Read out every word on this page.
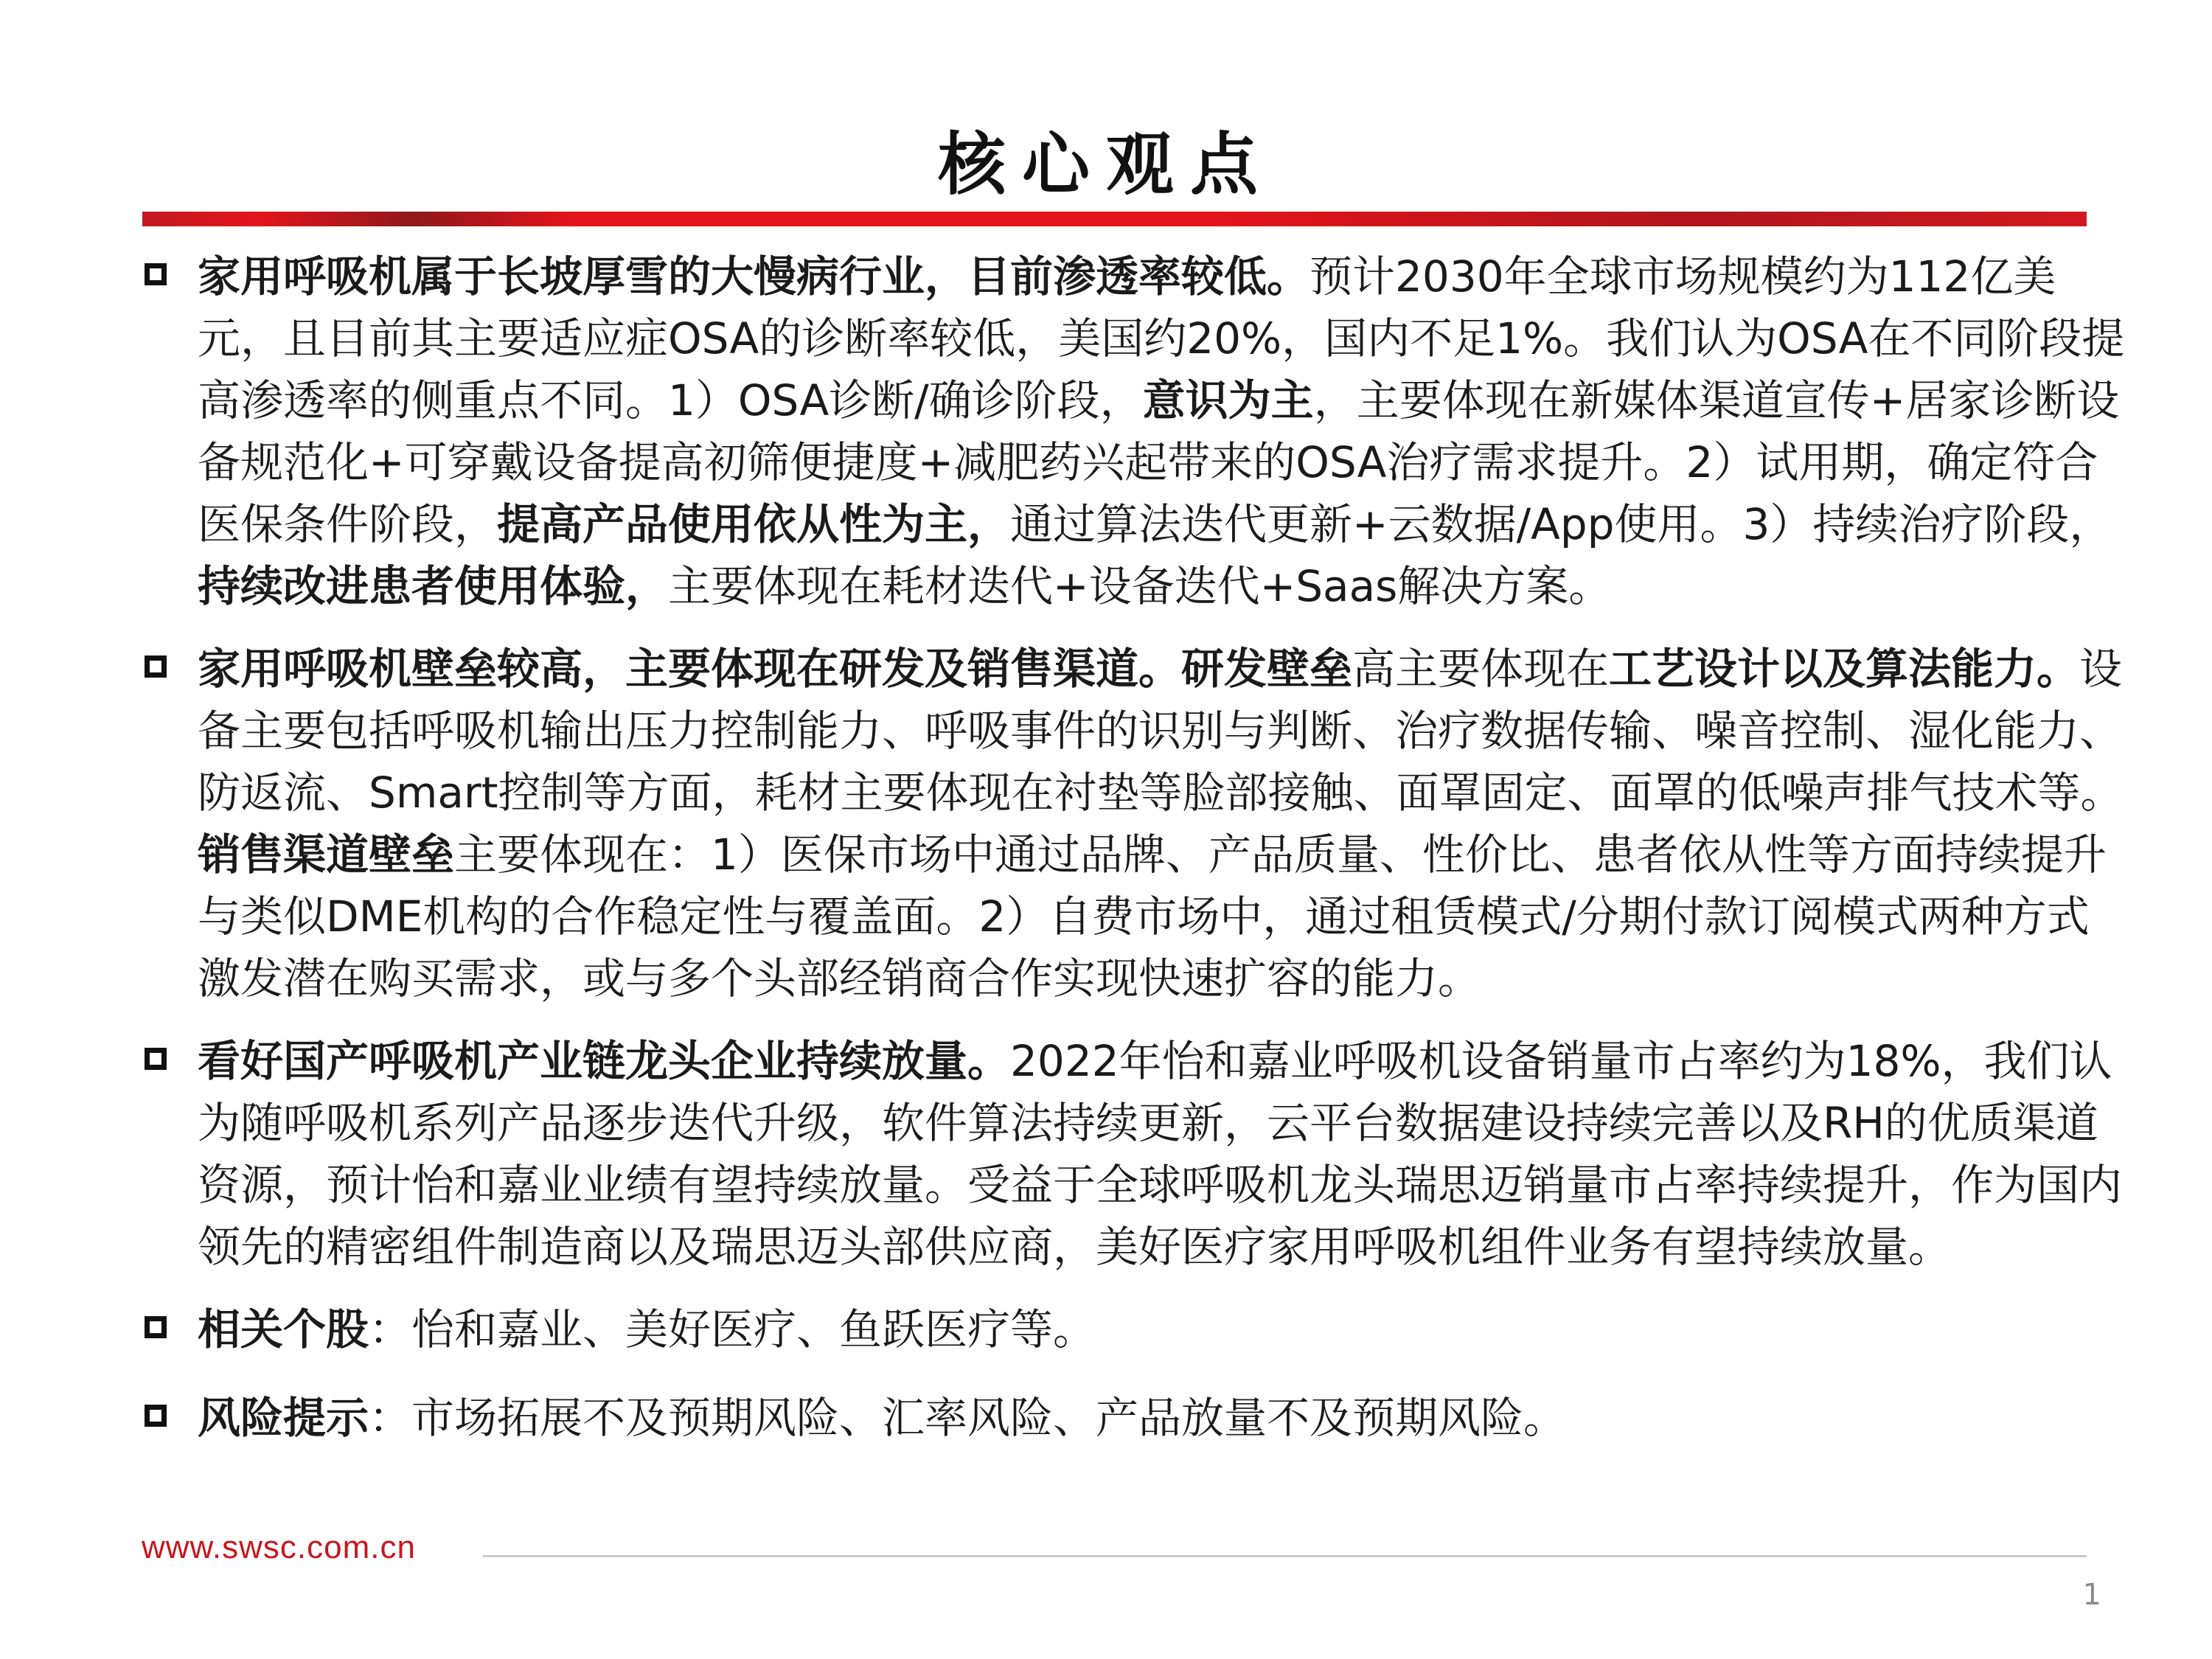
核心观点
家用呼吸机属于长坡厚雪的大慢病行业，目前渗透率较低。预计2030年全球市场规模约为112亿美元，且目前其主要适应症OSA的诊断率较低，美国约20%，国内不足1%。我们认为OSA在不同阶段提高渗透率的侧重点不同。1）OSA诊断/确诊阶段，意识为主，主要体现在新媒体渠道宣传+居家诊断设备规范化+可穿戴设备提高初筛便捷度+减肥药兴起带来的OSA治疗需求提升。2）试用期，确定符合医保条件阶段，提高产品使用依从性为主，通过算法迭代更新+云数据/App使用。3）持续治疗阶段，持续改进患者使用体验，主要体现在耗材迭代+设备迭代+Saas解决方案。
家用呼吸机壁垒较高，主要体现在研发及销售渠道。研发壁垒高主要体现在工艺设计以及算法能力。设备主要包括呼吸机输出压力控制能力、呼吸事件的识别与判断、治疗数据传输、噪音控制、湿化能力、防返流、Smart控制等方面，耗材主要体现在衬垫等脸部接触、面罩固定、面罩的低噪声排气技术等。销售渠道壁垒主要体现在：1）医保市场中通过品牌、产品质量、性价比、患者依从性等方面持续提升与类似DME机构的合作稳定性与覆盖面。2）自费市场中，通过租赁模式/分期付款订阅模式两种方式激发潜在购买需求，或与多个头部经销商合作实现快速扩容的能力。
看好国产呼吸机产业链龙头企业持续放量。2022年怡和嘉业呼吸机设备销量市占率约为18%，我们认为随呼吸机系列产品逐步迭代升级，软件算法持续更新，云平台数据建设持续完善以及RH的优质渠道资源，预计怡和嘉业业绩有望持续放量。受益于全球呼吸机龙头瑞思迈销量市占率持续提升，作为国内领先的精密组件制造商以及瑞思迈头部供应商，美好医疗家用呼吸机组件业务有望持续放量。
相关个股：怡和嘉业、美好医疗、鱼跃医疗等。
风险提示：市场拓展不及预期风险、汇率风险、产品放量不及预期风险。
www.swsc.com.cn
1
